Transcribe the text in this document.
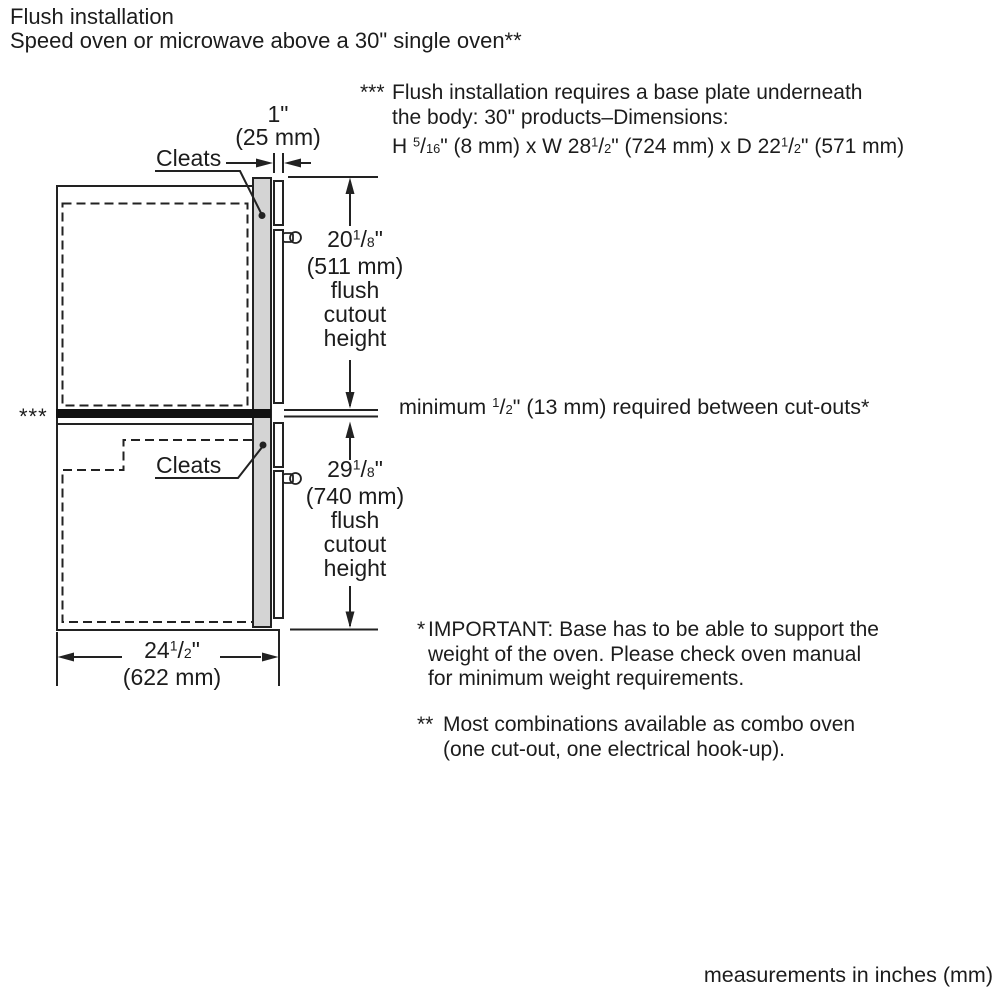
Flush installation
Speed oven or microwave above a 30" single oven**
*** Flush installation requires a base plate underneath
the body: 30" products–Dimensions:
H 5/16" (8 mm) x W 281/2" (724 mm) x D 221/2" (571 mm)
1"
(25 mm)
Cleats
Cleats
201/8"
(511 mm)
flush
cutout
height
minimum 1/2" (13 mm) required between cut-outs*
***
291/8"
(740 mm)
flush
cutout
height
241/2"
(622 mm)
* IMPORTANT: Base has to be able to support the
weight of the oven. Please check oven manual
for minimum weight requirements.
** Most combinations available as combo oven
(one cut-out, one electrical hook-up).
measurements in inches (mm)
